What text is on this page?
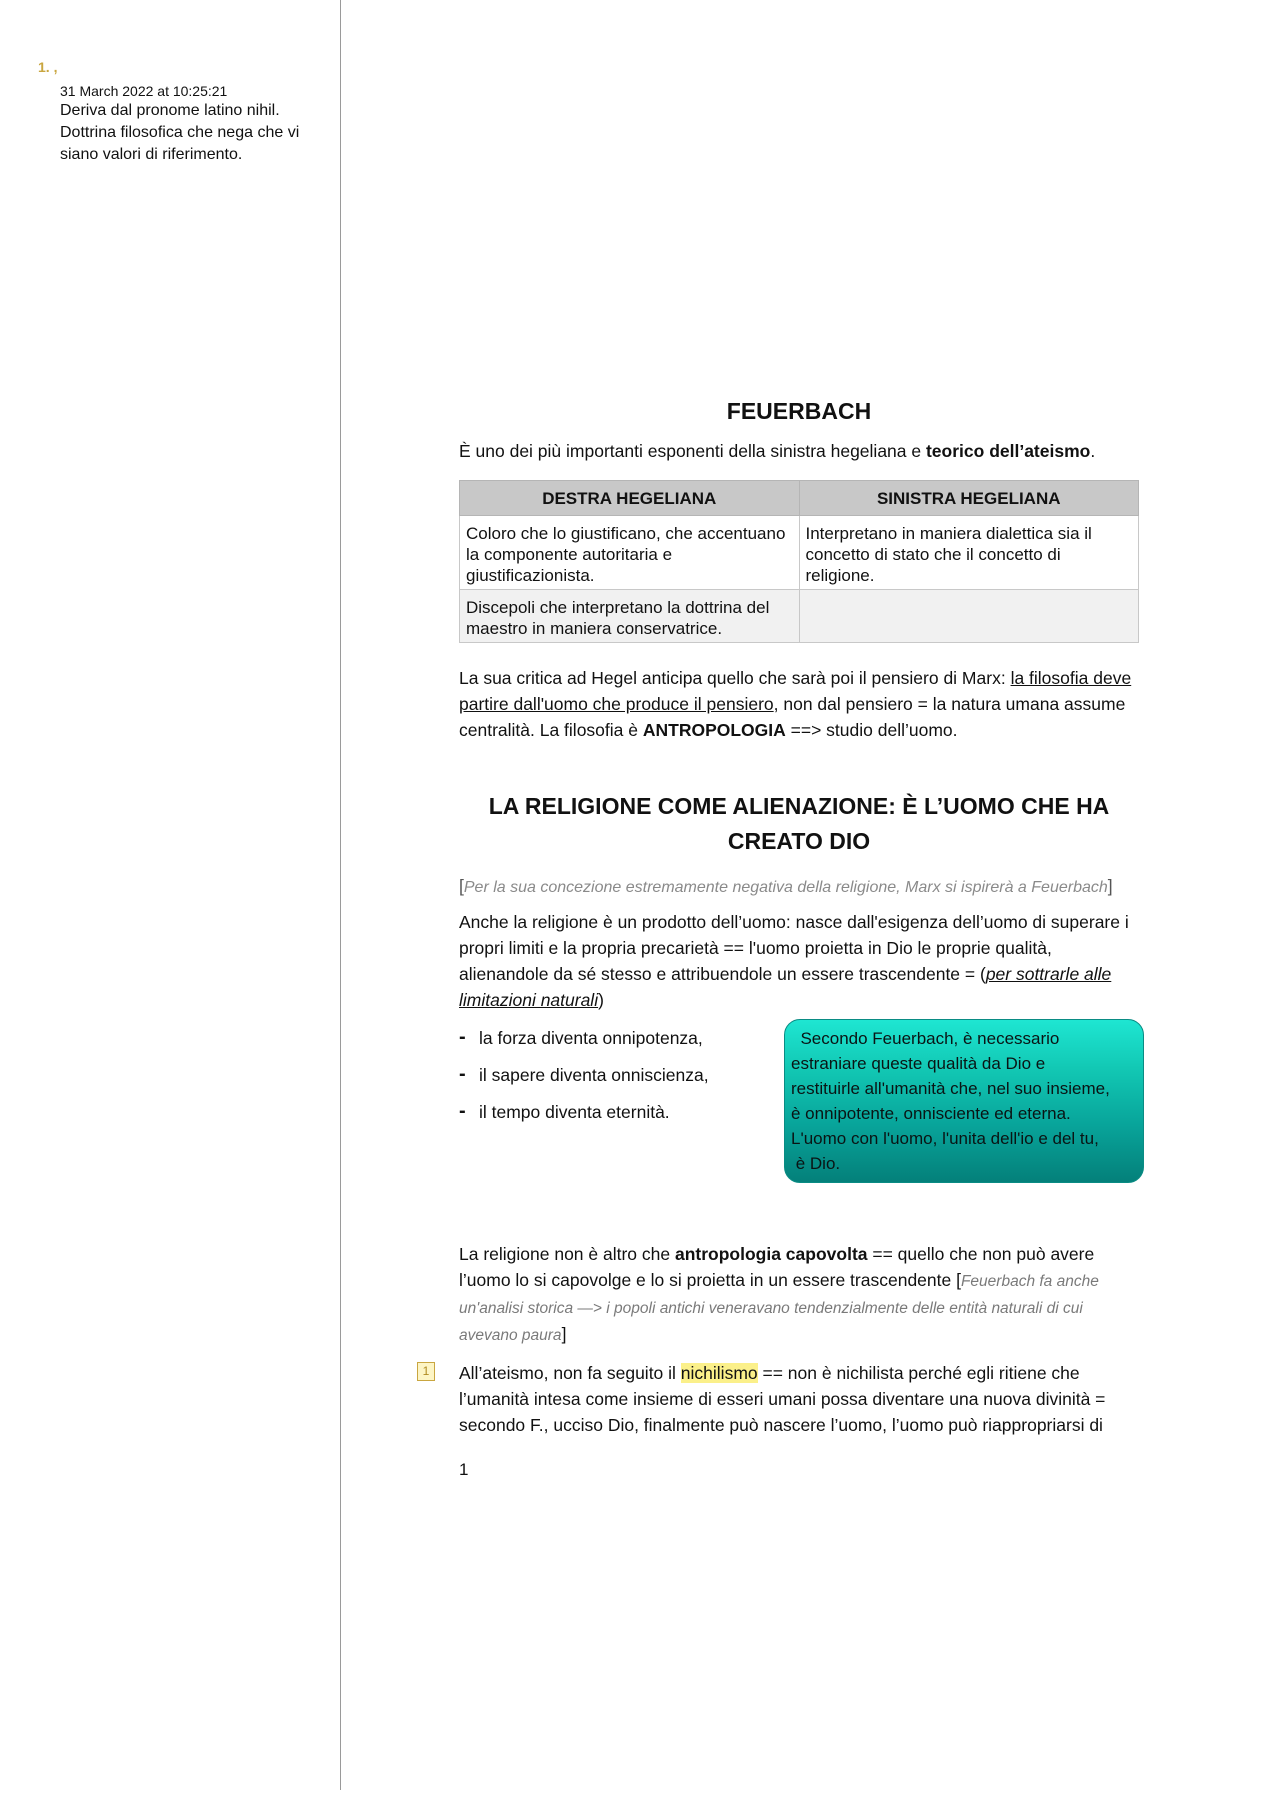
1. ,
31 March 2022 at 10:25:21
Deriva dal pronome latino nihil.
Dottrina filosofica che nega che vi
siano valori di riferimento.
FEUERBACH

È uno dei più importanti esponenti della sinistra hegeliana e teorico dell’ateismo.

DESTRA HEGELIANA	SINISTRA HEGELIANA
Coloro che lo giustificano, che accentuano la componente autoritaria e giustificazionista.	Interpretano in maniera dialettica sia il concetto di stato che il concetto di religione.
Discepoli che interpretano la dottrina del maestro in maniera conservatrice.	

La sua critica ad Hegel anticipa quello che sarà poi il pensiero di Marx: la filosofia deve partire dall'uomo che produce il pensiero, non dal pensiero = la natura umana assume centralità. La filosofia è ANTROPOLOGIA ==> studio dell’uomo.

LA RELIGIONE COME ALIENAZIONE: È L’UOMO CHE HA CREATO DIO

[Per la sua concezione estremamente negativa della religione, Marx si ispirerà a Feuerbach]

Anche la religione è un prodotto dell’uomo: nasce dall'esigenza dell’uomo di superare i propri limiti e la propria precarietà == l'uomo proietta in Dio le proprie qualità, alienandole da sé stesso e attribuendole un essere trascendente = (per sottrarle alle limitazioni naturali)

- la forza diventa onnipotenza,
- il sapere diventa onniscienza,
- il tempo diventa eternità.
Secondo Feuerbach, è necessario
estraniare queste qualità da Dio e
restituirle all'umanità che, nel suo insieme,
è onnipotente, onnisciente ed eterna.
L'uomo con l'uomo, l'unita dell'io e del tu,
è Dio.

La religione non è altro che antropologia capovolta == quello che non può avere l’uomo lo si capovolge e lo si proietta in un essere trascendente [Feuerbach fa anche un'analisi storica —> i popoli antichi veneravano tendenzialmente delle entità naturali di cui avevano paura]

1	All’ateismo, non fa seguito il nichilismo == non è nichilista perché egli ritiene che l’umanità intesa come insieme di esseri umani possa diventare una nuova divinità = secondo F., ucciso Dio, finalmente può nascere l’uomo, l’uomo può riappropriarsi di

1
